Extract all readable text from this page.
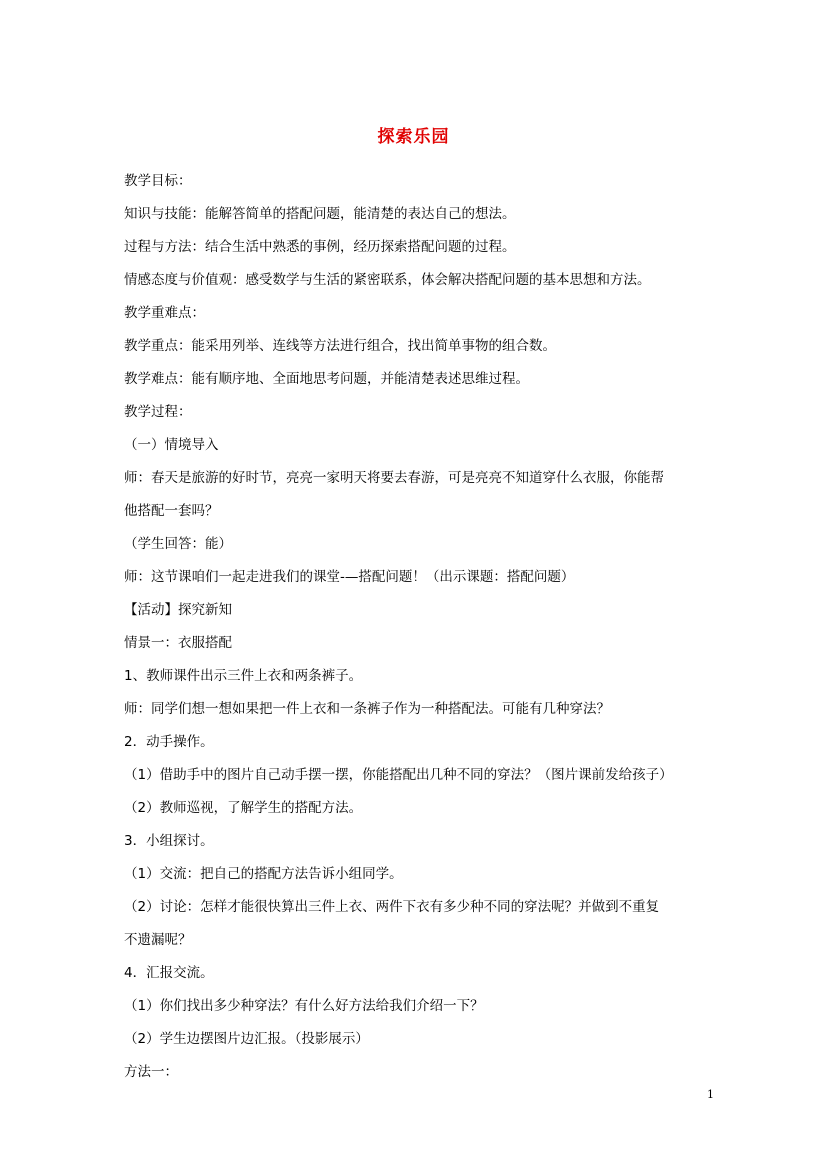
探索乐园
教学目标：
知识与技能：能解答简单的搭配问题，能清楚的表达自己的想法。
过程与方法：结合生活中熟悉的事例，经历探索搭配问题的过程。
情感态度与价值观：感受数学与生活的紧密联系，体会解决搭配问题的基本思想和方法。
教学重难点：
教学重点：能采用列举、连线等方法进行组合，找出简单事物的组合数。
教学难点：能有顺序地、全面地思考问题，并能清楚表述思维过程。
教学过程：
（一）情境导入
师：春天是旅游的好时节，亮亮一家明天将要去春游，可是亮亮不知道穿什么衣服，你能帮
他搭配一套吗？
（学生回答：能）
师：这节课咱们一起走进我们的课堂-—搭配问题！（出示课题：搭配问题）
【活动】探究新知
情景一：衣服搭配
1、教师课件出示三件上衣和两条裤子。
师：同学们想一想如果把一件上衣和一条裤子作为一种搭配法。可能有几种穿法？
2．动手操作。
（1）借助手中的图片自己动手摆一摆，你能搭配出几种不同的穿法？（图片课前发给孩子）
（2）教师巡视，了解学生的搭配方法。
3．小组探讨。
（1）交流：把自己的搭配方法告诉小组同学。
（2）讨论：怎样才能很快算出三件上衣、两件下衣有多少种不同的穿法呢？并做到不重复
不遗漏呢？
4．汇报交流。
（1）你们找出多少种穿法？有什么好方法给我们介绍一下？
（2）学生边摆图片边汇报。（投影展示）
方法一：
1
